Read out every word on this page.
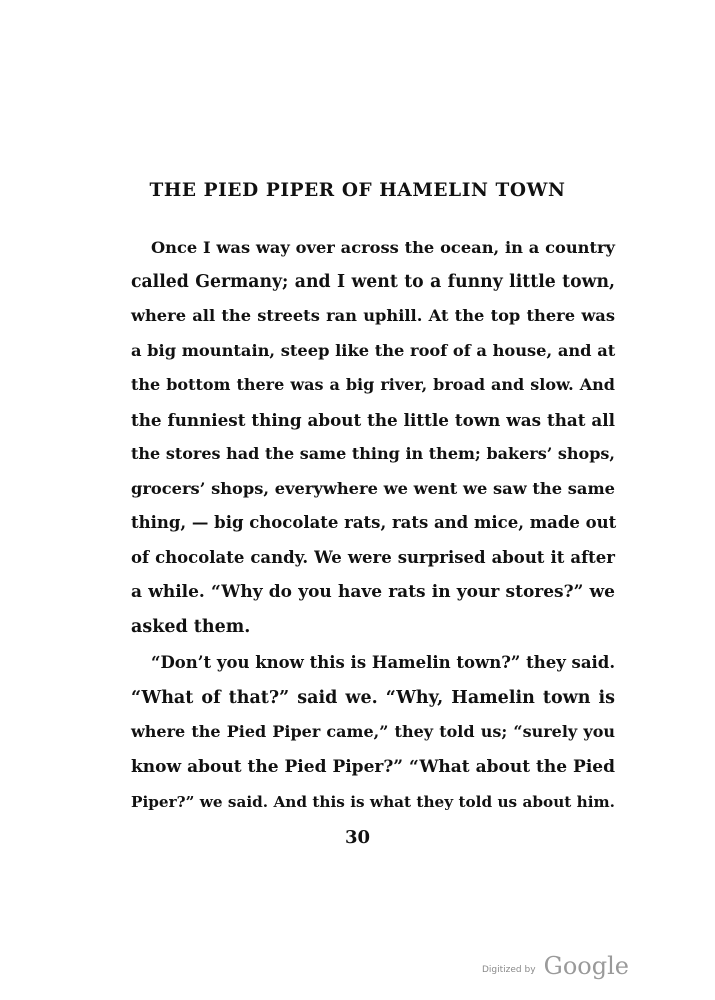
THE PIED PIPER OF HAMELIN TOWN
Once I was way over across the ocean, in a country
called Germany; and I went to a funny little town,
where all the streets ran uphill. At the top there was
a big mountain, steep like the roof of a house, and at
the bottom there was a big river, broad and slow. And
the funniest thing about the little town was that all
the stores had the same thing in them; bakers’ shops,
grocers’ shops, everywhere we went we saw the same
thing, — big chocolate rats, rats and mice, made out
of chocolate candy. We were surprised about it after
a while. “Why do you have rats in your stores?” we
asked them.
“Don’t you know this is Hamelin town?” they said.
“What of that?” said we. “Why, Hamelin town is
where the Pied Piper came,” they told us; “surely you
know about the Pied Piper?” “What about the Pied
Piper?” we said. And this is what they told us about him.
30
Digitized by Google
